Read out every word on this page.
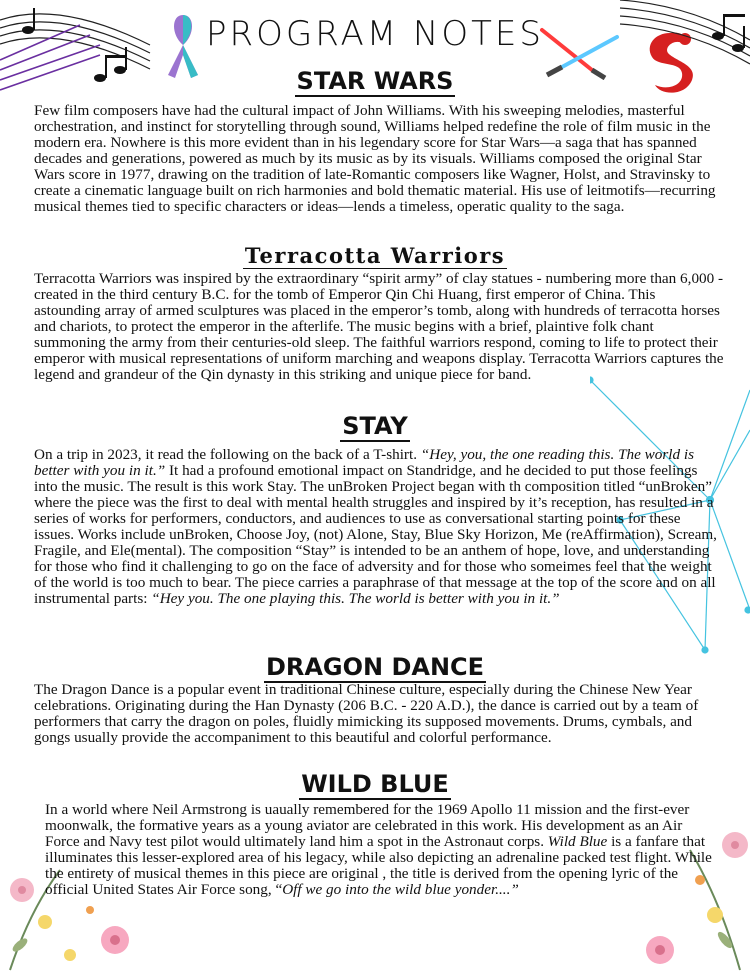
PROGRAM NOTES
STAR WARS
Few film composers have had the cultural impact of John Williams. With his sweeping melodies, masterful orchestration, and instinct for storytelling through sound, Williams helped redefine the role of film music in the modern era. Nowhere is this more evident than in his legendary score for Star Wars—a saga that has spanned decades and generations, powered as much by its music as by its visuals. Williams composed the original Star Wars score in 1977, drawing on the tradition of late-Romantic composers like Wagner, Holst, and Stravinsky to create a cinematic language built on rich harmonies and bold thematic material. His use of leitmotifs—recurring musical themes tied to specific characters or ideas—lends a timeless, operatic quality to the saga.
Terracotta Warriors
Terracotta Warriors was inspired by the extraordinary “spirit army” of clay statues - numbering more than 6,000 - created in the third century B.C. for the tomb of Emperor Qin Chi Huang, first emperor of China. This astounding array of armed sculptures was placed in the emperor’s tomb, along with hundreds of terracotta horses and chariots, to protect the emperor in the afterlife. The music begins with a brief, plaintive folk chant summoning the army from their centuries-old sleep. The faithful warriors respond, coming to life to protect their emperor with musical representations of uniform marching and weapons display. Terracotta Warriors captures the legend and grandeur of the Qin dynasty in this striking and unique piece for band.
STAY
On a trip in 2023, it read the following on the back of a T-shirt. “Hey, you, the one reading this. The world is better with you in it.” It had a profound emotional impact on Standridge, and he decided to put those feelings into the music. The result is this work Stay. The unBroken Project began with th composition titled “unBroken” where the piece was the first to deal with mental health struggles and inspired by it’s reception, has resulted in a series of works for performers, conductors, and audiences to use as conversational starting points for these issues. Works include unBroken, Choose Joy, (not) Alone, Stay, Blue Sky Horizon, Me (reAffirmation), Scream, Fragile, and Ele(mental). The composition “Stay” is intended to be an anthem of hope, love, and understanding for those who find it challenging to go on the face of adversity and for those who someimes feel that the weight of the world is too much to bear. The piece carries a paraphrase of that message at the top of the score and on all instrumental parts: “Hey you. The one playing this. The world is better with you in it.”
DRAGON DANCE
The Dragon Dance is a popular event in traditional Chinese culture, especially during the Chinese New Year celebrations. Originating during the Han Dynasty (206 B.C. - 220 A.D.), the dance is carried out by a team of performers that carry the dragon on poles, fluidly mimicking its supposed movements. Drums, cymbals, and gongs usually provide the accompaniment to this beautiful and colorful performance.
WILD BLUE
In a world where Neil Armstrong is uaually remembered for the 1969 Apollo 11 mission and the first-ever moonwalk, the formative years as a young aviator are celebrated in this work. His development as an Air Force and Navy test pilot would ultimately land him a spot in the Astronaut corps. Wild Blue is a fanfare that illuminates this lesser-explored area of his legacy, while also depicting an adrenaline packed test flight. While the entirety of musical themes in this piece are original , the title is derived from the opening lyric of the official United States Air Force song, “Off we go into the wild blue yonder....”
